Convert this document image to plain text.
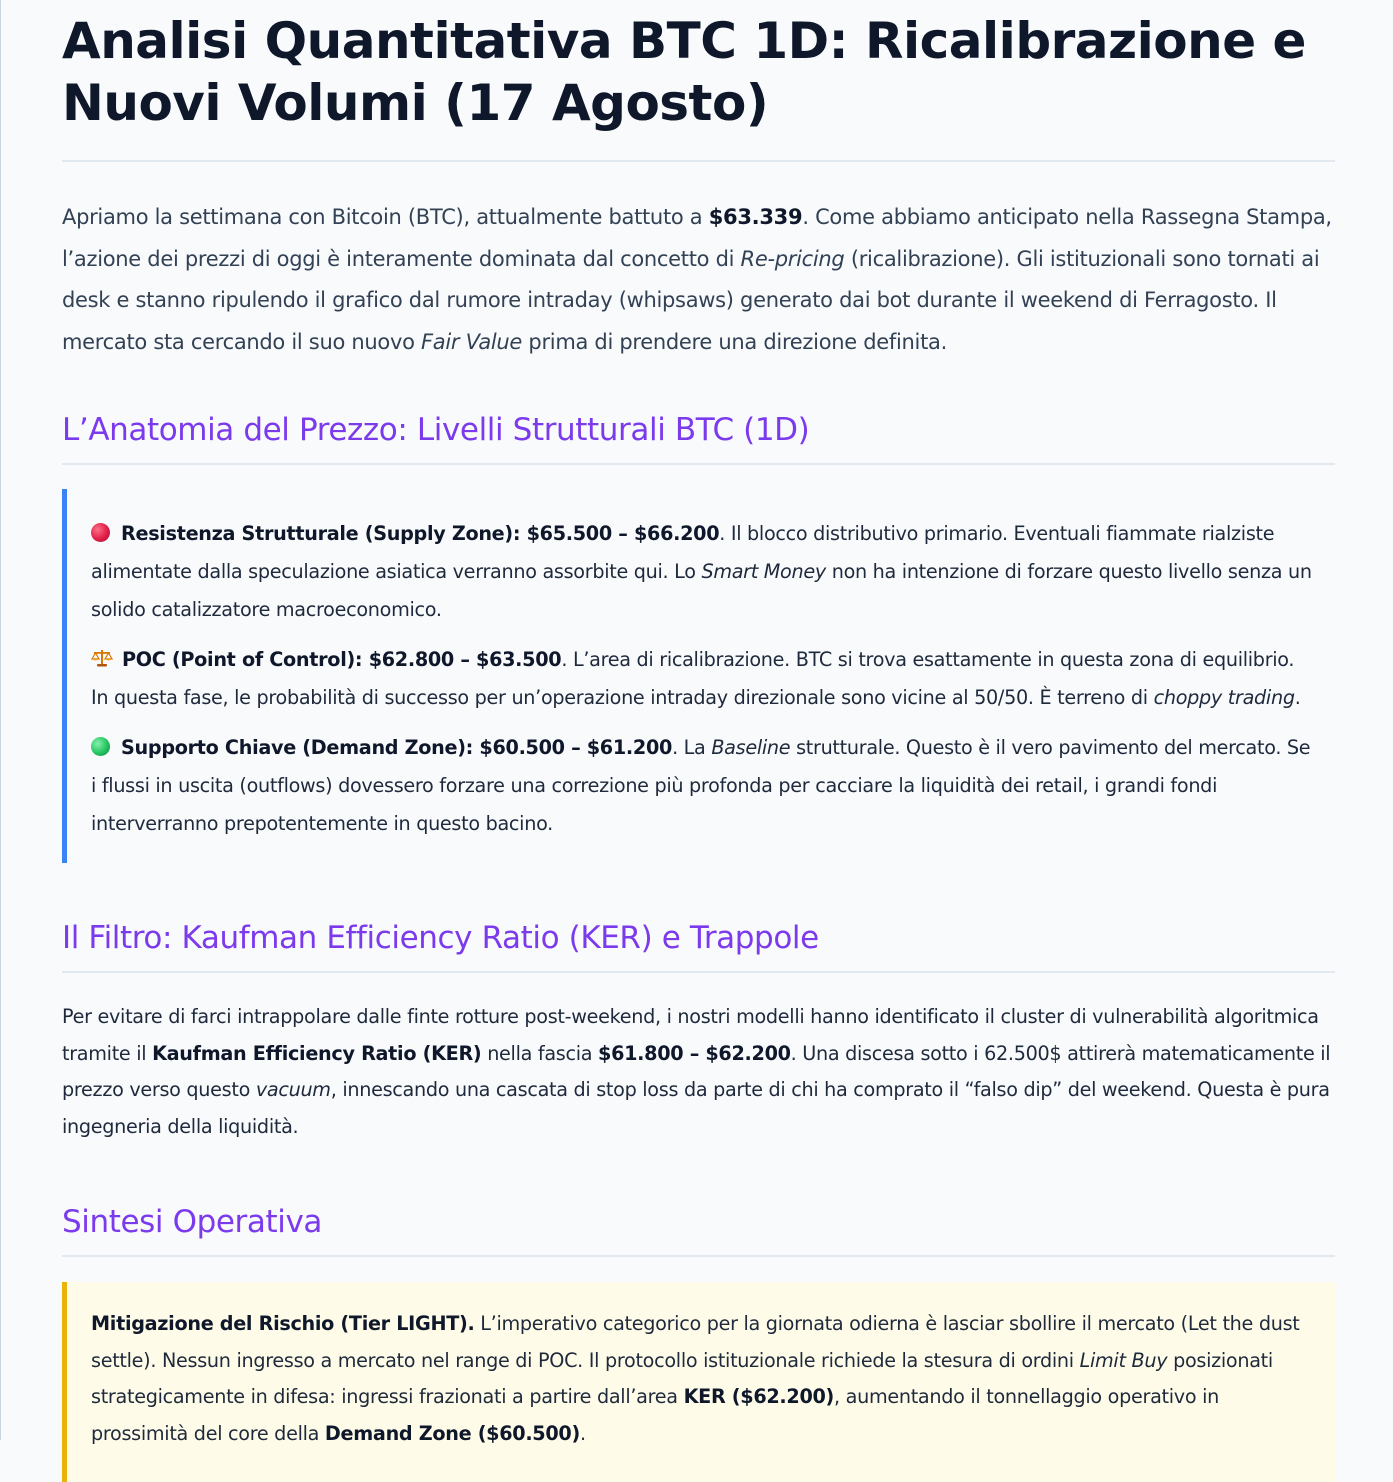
Analisi Quantitativa BTC 1D: Ricalibrazione e Nuovi Volumi (17 Agosto)

Apriamo la settimana con Bitcoin (BTC), attualmente battuto a $63.339. Come abbiamo anticipato nella Rassegna Stampa, l’azione dei prezzi di oggi è interamente dominata dal concetto di Re-pricing (ricalibrazione). Gli istituzionali sono tornati ai desk e stanno ripulendo il grafico dal rumore intraday (whipsaws) generato dai bot durante il weekend di Ferragosto. Il mercato sta cercando il suo nuovo Fair Value prima di prendere una direzione definita.

L’Anatomia del Prezzo: Livelli Strutturali BTC (1D)

Resistenza Strutturale (Supply Zone): $65.500 – $66.200. Il blocco distributivo primario. Eventuali fiammate rialziste alimentate dalla speculazione asiatica verranno assorbite qui. Lo Smart Money non ha intenzione di forzare questo livello senza un solido catalizzatore macroeconomico.

POC (Point of Control): $62.800 – $63.500. L’area di ricalibrazione. BTC si trova esattamente in questa zona di equilibrio. In questa fase, le probabilità di successo per un’operazione intraday direzionale sono vicine al 50/50. È terreno di choppy trading.

Supporto Chiave (Demand Zone): $60.500 – $61.200. La Baseline strutturale. Questo è il vero pavimento del mercato. Se i flussi in uscita (outflows) dovessero forzare una correzione più profonda per cacciare la liquidità dei retail, i grandi fondi interverranno prepotentemente in questo bacino.

Il Filtro: Kaufman Efficiency Ratio (KER) e Trappole

Per evitare di farci intrappolare dalle finte rotture post-weekend, i nostri modelli hanno identificato il cluster di vulnerabilità algoritmica tramite il Kaufman Efficiency Ratio (KER) nella fascia $61.800 – $62.200. Una discesa sotto i 62.500$ attirerà matematicamente il prezzo verso questo vacuum, innescando una cascata di stop loss da parte di chi ha comprato il “falso dip” del weekend. Questa è pura ingegneria della liquidità.

Sintesi Operativa
Mitigazione del Rischio (Tier LIGHT). L’imperativo categorico per la giornata odierna è lasciar sbollire il mercato (Let the dust settle). Nessun ingresso a mercato nel range di POC. Il protocollo istituzionale richiede la stesura di ordini Limit Buy posizionati strategicamente in difesa: ingressi frazionati a partire dall’area KER ($62.200), aumentando il tonnellaggio operativo in prossimità del core della Demand Zone ($60.500).
